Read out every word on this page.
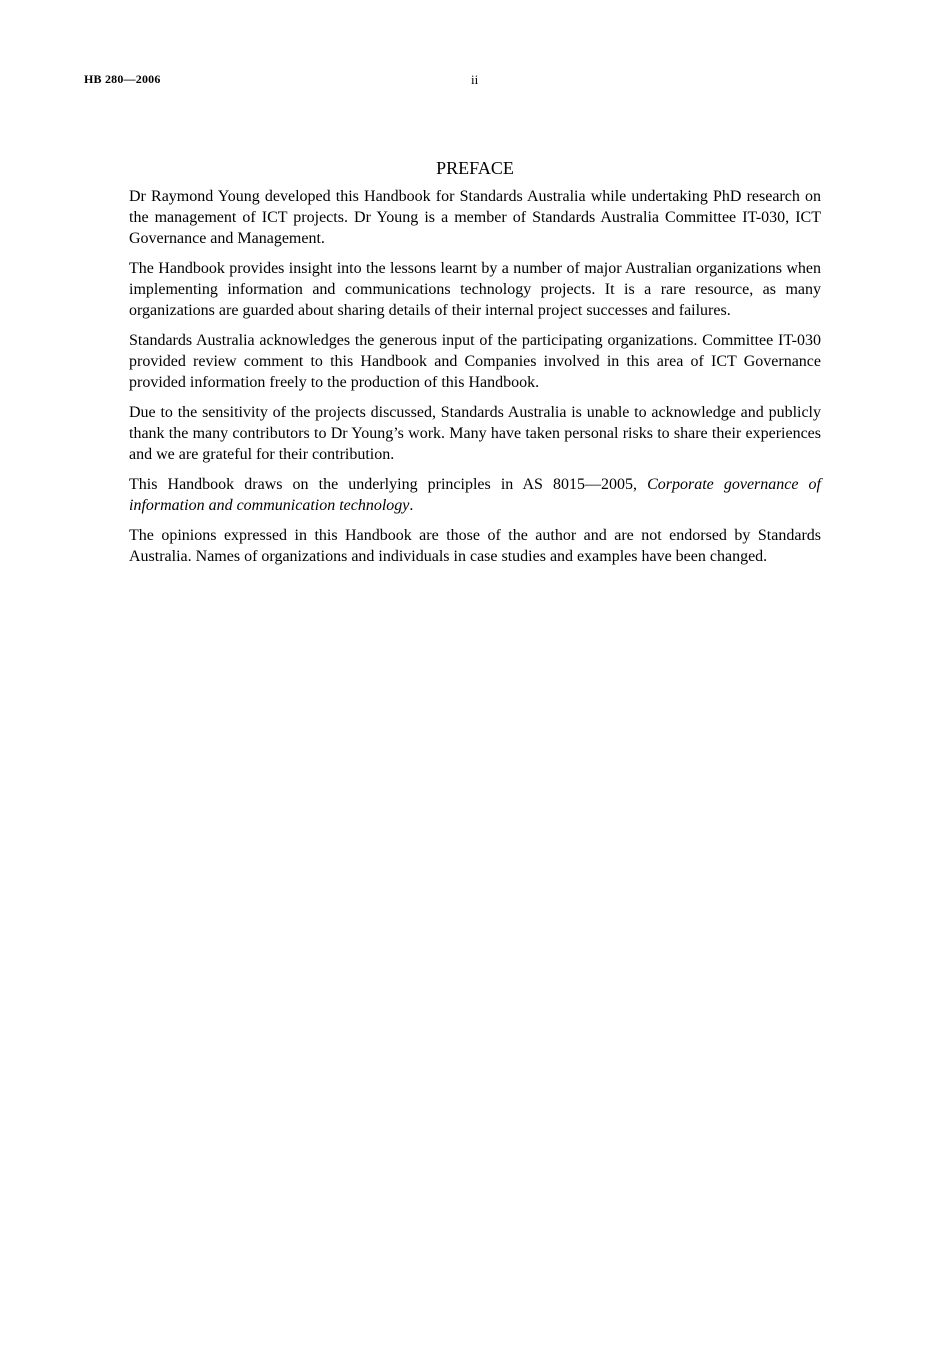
HB 280—2006	ii
PREFACE

Dr Raymond Young developed this Handbook for Standards Australia while undertaking PhD research on the management of ICT projects. Dr Young is a member of Standards Australia Committee IT-030, ICT Governance and Management.

The Handbook provides insight into the lessons learnt by a number of major Australian organizations when implementing information and communications technology projects. It is a rare resource, as many organizations are guarded about sharing details of their internal project successes and failures.

Standards Australia acknowledges the generous input of the participating organizations. Committee IT-030 provided review comment to this Handbook and Companies involved in this area of ICT Governance provided information freely to the production of this Handbook.

Due to the sensitivity of the projects discussed, Standards Australia is unable to acknowledge and publicly thank the many contributors to Dr Young’s work. Many have taken personal risks to share their experiences and we are grateful for their contribution.

This Handbook draws on the underlying principles in AS 8015—2005, Corporate governance of information and communication technology.

The opinions expressed in this Handbook are those of the author and are not endorsed by Standards Australia. Names of organizations and individuals in case studies and examples have been changed.
